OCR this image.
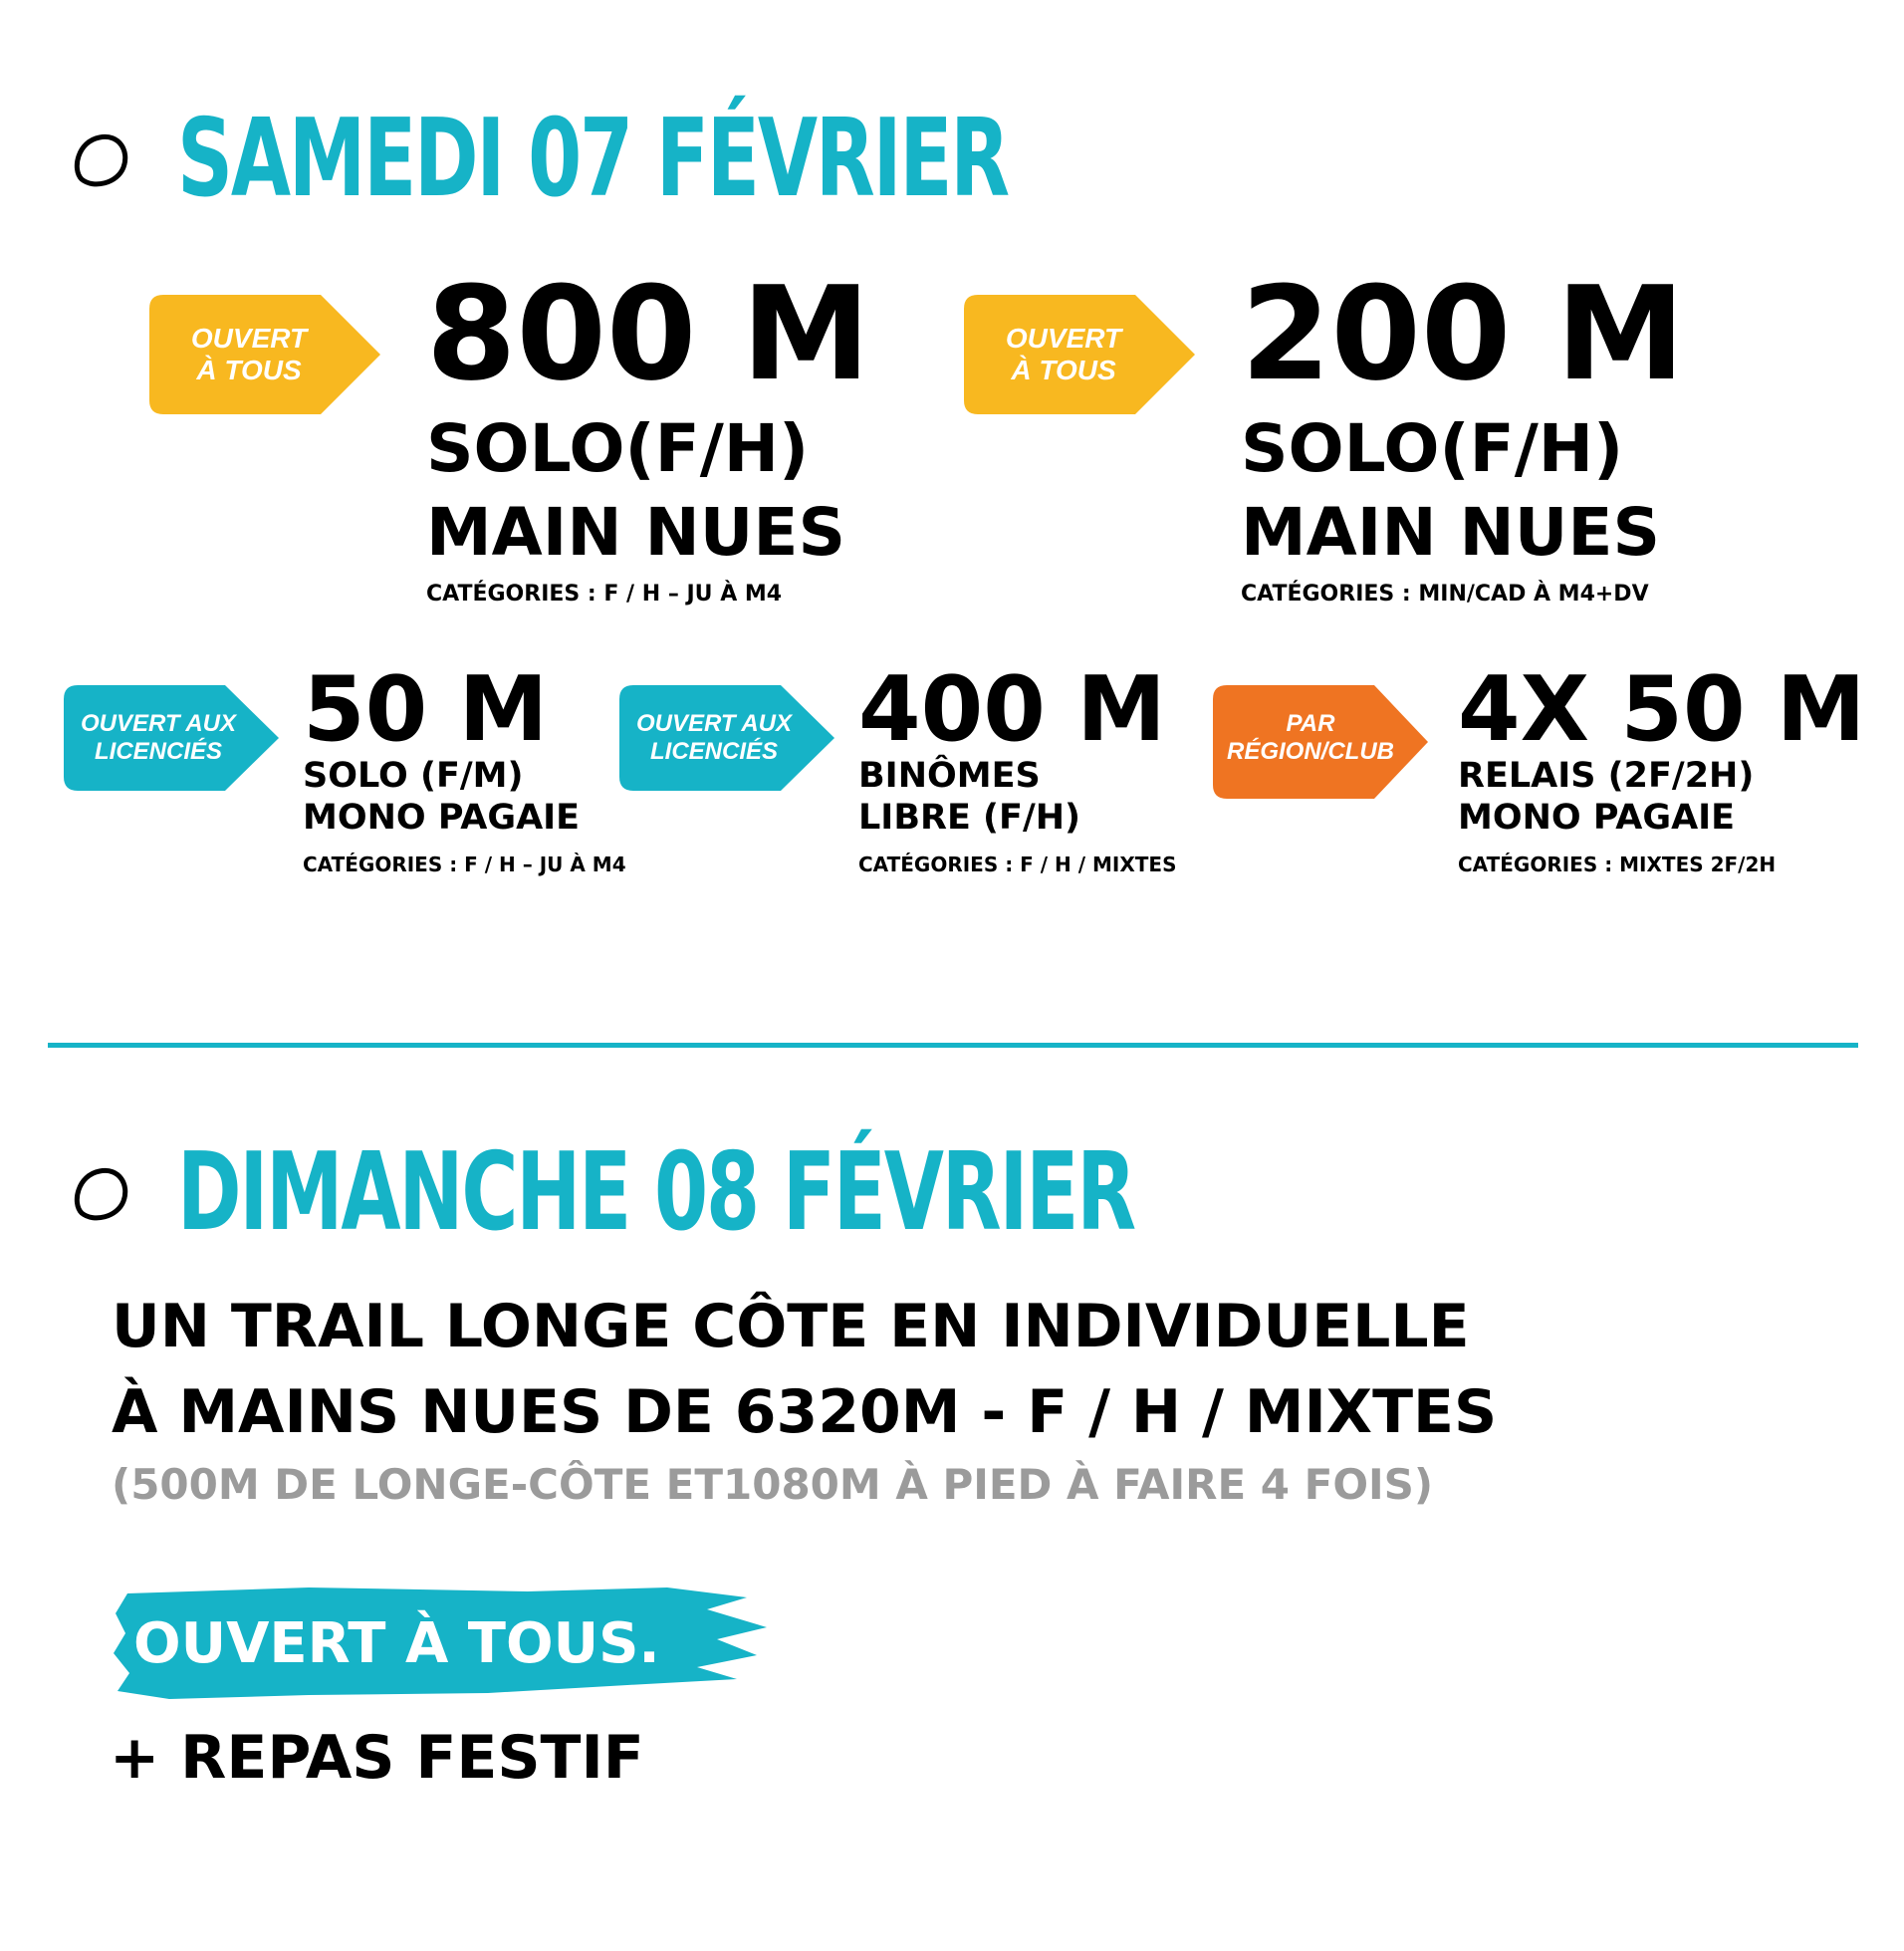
SAMEDI 07 FÉVRIER
OUVERT
À TOUS 800 M
SOLO(F/H)
MAIN NUES
CATÉGORIES : F / H – JU À M4
OUVERT
À TOUS 200 M
SOLO(F/H)
MAIN NUES
CATÉGORIES : MIN/CAD À M4+DV
OUVERT AUX
LICENCIÉS 50 M
SOLO (F/M)
MONO PAGAIE
CATÉGORIES : F / H – JU À M4
OUVERT AUX
LICENCIÉS 400 M
BINÔMES
LIBRE (F/H)
CATÉGORIES : F / H / MIXTES
PAR
RÉGION/CLUB 4X 50 M
RELAIS (2F/2H)
MONO PAGAIE
CATÉGORIES : MIXTES 2F/2H
DIMANCHE 08 FÉVRIER
UN TRAIL LONGE CÔTE EN INDIVIDUELLE
À MAINS NUES DE 6320M - F / H / MIXTES
(500M DE LONGE-CÔTE ET1080M À PIED À FAIRE 4 FOIS)
OUVERT À TOUS.
+ REPAS FESTIF
